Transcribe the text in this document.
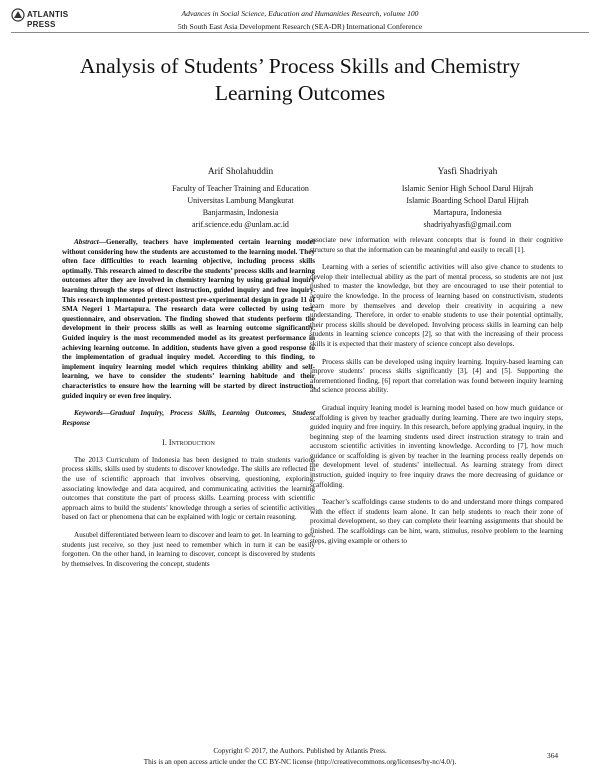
ATLANTIS
PRESS
Advances in Social Science, Education and Humanities Research, volume 100
5th South East Asia Development Research (SEA-DR) International Conference
Analysis of Students’ Process Skills and Chemistry
Learning Outcomes
Arif Sholahuddin
Faculty of Teacher Training and Education
Universitas Lambung Mangkurat
Banjarmasin, Indonesia
arif.science.edu @unlam.ac.id
Yasfi Shadriyah
Islamic Senior High School Darul Hijrah
Islamic Boarding School Darul Hijrah
Martapura, Indonesia
shadriyahyasfi@gmail.com

Abstract—Generally, teachers have implemented certain learning model without considering how the students are accustomed to the learning model. They often face difficulties to reach learning objective, including process skills optimally. This research aimed to describe the students’ process skills and learning outcomes after they are involved in chemistry learning by using gradual inquiry learning through the steps of direct instruction, guided inquiry and free inquiry. This research implemented pretest-posttest pre-experimental design in grade 11 of SMA Negeri 1 Martapura. The research data were collected by using test, questionnaire, and observation. The finding showed that students perform the development in their process skills as well as learning outcome significantly. Guided inquiry is the most recommended model as its greatest performance in achieving learning outcome. In addition, students have given a good response to the implementation of gradual inquiry model. According to this finding, to implement inquiry learning model which requires thinking ability and self-learning, we have to consider the students’ learning habitude and their characteristics to ensure how the learning will be started by direct instruction, guided inquiry or even free inquiry.

Keywords—Gradual Inquiry, Process Skills, Learning Outcomes, Student Response

I. Introduction

The 2013 Curriculum of Indonesia has been designed to train students various process skills, skills used by students to discover knowledge. The skills are reflected in the use of scientific approach that involves observing, questioning, exploring, associating knowledge and data acquired, and communicating activities the learning outcomes that constitute the part of process skills. Learning process with scientific approach aims to build the students’ knowledge through a series of scientific activities based on fact or phenomena that can be explained with logic or certain reasoning.

Ausubel differentiated between learn to discover and learn to get. In learning to get, students just receive, so they just need to remember which in turn it can be easily forgotten. On the other hand, in learning to discover, concept is discovered by students by themselves. In discovering the concept, students

associate new information with relevant concepts that is found in their cognitive structure so that the information can be meaningful and easily to recall [1].

Learning with a series of scientific activities will also give chance to students to develop their intellectual ability as the part of mental process, so students are not just pushed to master the knowledge, but they are encouraged to use their potential to acquire the knowledge. In the process of learning based on constructivism, students learn more by themselves and develop their creativity in acquiring a new understanding. Therefore, in order to enable students to use their potential optimally, their process skills should be developed. Involving process skills in learning can help students in learning science concepts [2], so that with the increasing of their process skills it is expected that their mastery of science concept also develops.

Process skills can be developed using inquiry learning. Inquiry-based learning can improve students’ process skills significantly [3], [4] and [5]. Supporting the aforementioned finding, [6] report that correlation was found between inquiry learning and science process ability.

Gradual inquiry leaning model is learning model based on how much guidance or scaffolding is given by teacher gradually during learning. There are two inquiry steps, guided inquiry and free inquiry. In this research, before applying gradual inquiry, in the beginning step of the learning students used direct instruction strategy to train and accustom scientific activities in inventing knowledge. According to [7], how much guidance or scaffolding is given by teacher in the learning process really depends on the development level of students’ intellectual. As learning strategy from direct instruction, guided inquiry to free inquiry draws the more decreasing of guidance or scaffolding.

Teacher’s scaffoldings cause students to do and understand more things compared with the effect if students learn alone. It can help students to reach their zone of proximal development, so they can complete their learning assignments that should be finished. The scaffoldings can be hint, warn, stimulus, resolve problem to the learning steps, giving example or others to

Copyright © 2017, the Authors. Published by Atlantis Press.
This is an open access article under the CC BY-NC license (http://creativecommons.org/licenses/by-nc/4.0/).
364
